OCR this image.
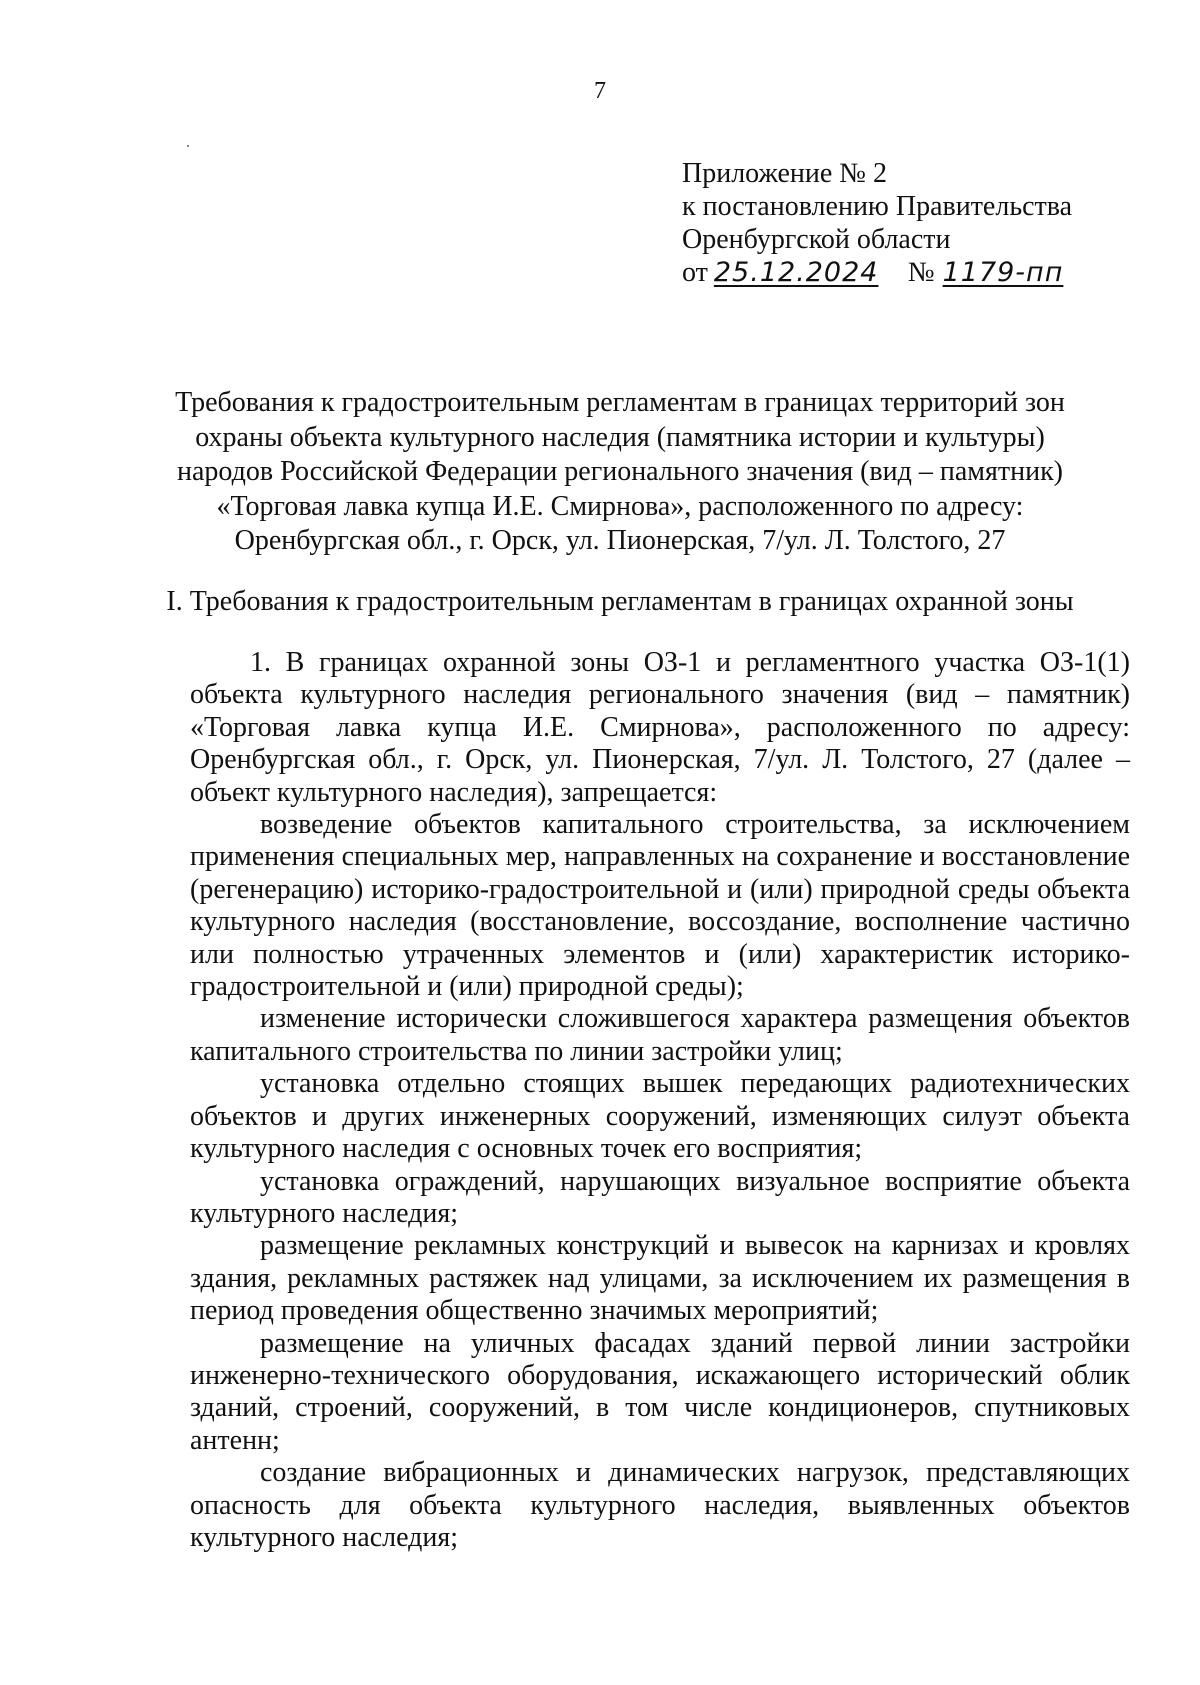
7
Приложение № 2
к постановлению Правительства
Оренбургской области
от 25.12.2024 № 1179-пп
Требования к градостроительным регламентам в границах территорий зон
охраны объекта культурного наследия (памятника истории и культуры)
народов Российской Федерации регионального значения (вид – памятник)
«Торговая лавка купца И.Е. Смирнова», расположенного по адресу:
Оренбургская обл., г. Орск, ул. Пионерская, 7/ул. Л. Толстого, 27
I. Требования к градостроительным регламентам в границах охранной зоны

1. В границах охранной зоны ОЗ-1 и регламентного участка ОЗ-1(1) объекта культурного наследия регионального значения (вид – памятник) «Торговая лавка купца И.Е. Смирнова», расположенного по адресу: Оренбургская обл., г. Орск, ул. Пионерская, 7/ул. Л. Толстого, 27 (далее – объект культурного наследия), запрещается:

возведение объектов капитального строительства, за исключением применения специальных мер, направленных на сохранение и восстановление (регенерацию) историко-градостроительной и (или) природной среды объекта культурного наследия (восстановление, воссоздание, восполнение частично или полностью утраченных элементов и (или) характеристик историко-градостроительной и (или) природной среды);

изменение исторически сложившегося характера размещения объектов капитального строительства по линии застройки улиц;

установка отдельно стоящих вышек передающих радиотехнических объектов и других инженерных сооружений, изменяющих силуэт объекта культурного наследия с основных точек его восприятия;

установка ограждений, нарушающих визуальное восприятие объекта культурного наследия;

размещение рекламных конструкций и вывесок на карнизах и кровлях здания, рекламных растяжек над улицами, за исключением их размещения в период проведения общественно значимых мероприятий;

размещение на уличных фасадах зданий первой линии застройки инженерно-технического оборудования, искажающего исторический облик зданий, строений, сооружений, в том числе кондиционеров, спутниковых антенн;

создание вибрационных и динамических нагрузок, представляющих опасность для объекта культурного наследия, выявленных объектов культурного наследия;
